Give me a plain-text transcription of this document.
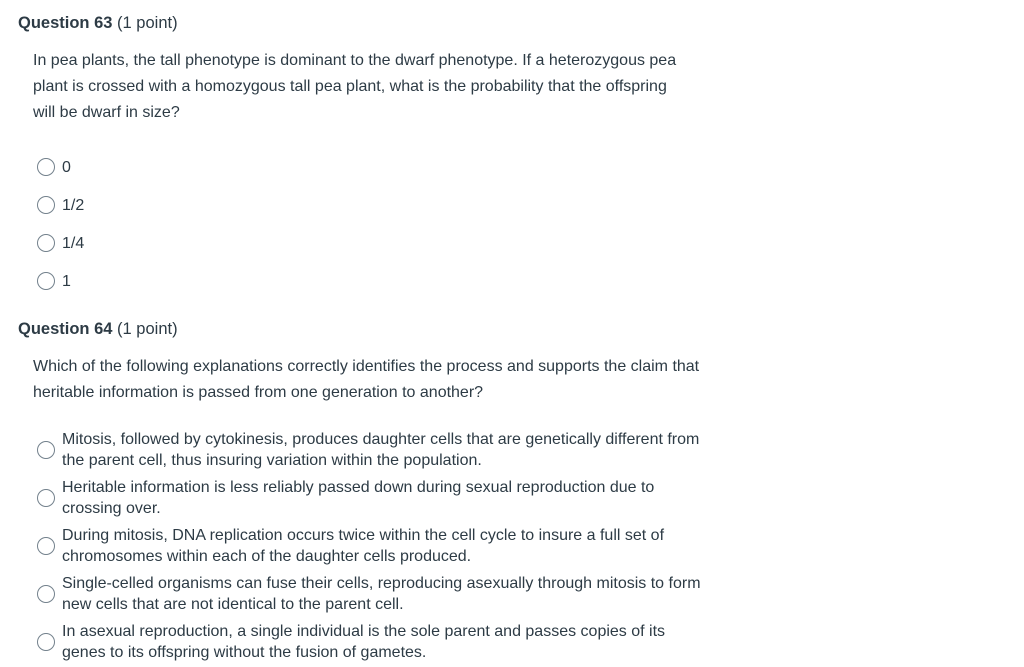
Question 63 (1 point)

In pea plants, the tall phenotype is dominant to the dwarf phenotype. If a heterozygous pea plant is crossed with a homozygous tall pea plant, what is the probability that the offspring will be dwarf in size?

0
1/2
1/4
1
Question 64 (1 point)

Which of the following explanations correctly identifies the process and supports the claim that heritable information is passed from one generation to another?

Mitosis, followed by cytokinesis, produces daughter cells that are genetically different from the parent cell, thus insuring variation within the population.
Heritable information is less reliably passed down during sexual reproduction due to crossing over.
During mitosis, DNA replication occurs twice within the cell cycle to insure a full set of chromosomes within each of the daughter cells produced.
Single-celled organisms can fuse their cells, reproducing asexually through mitosis to form new cells that are not identical to the parent cell.
In asexual reproduction, a single individual is the sole parent and passes copies of its genes to its offspring without the fusion of gametes.
